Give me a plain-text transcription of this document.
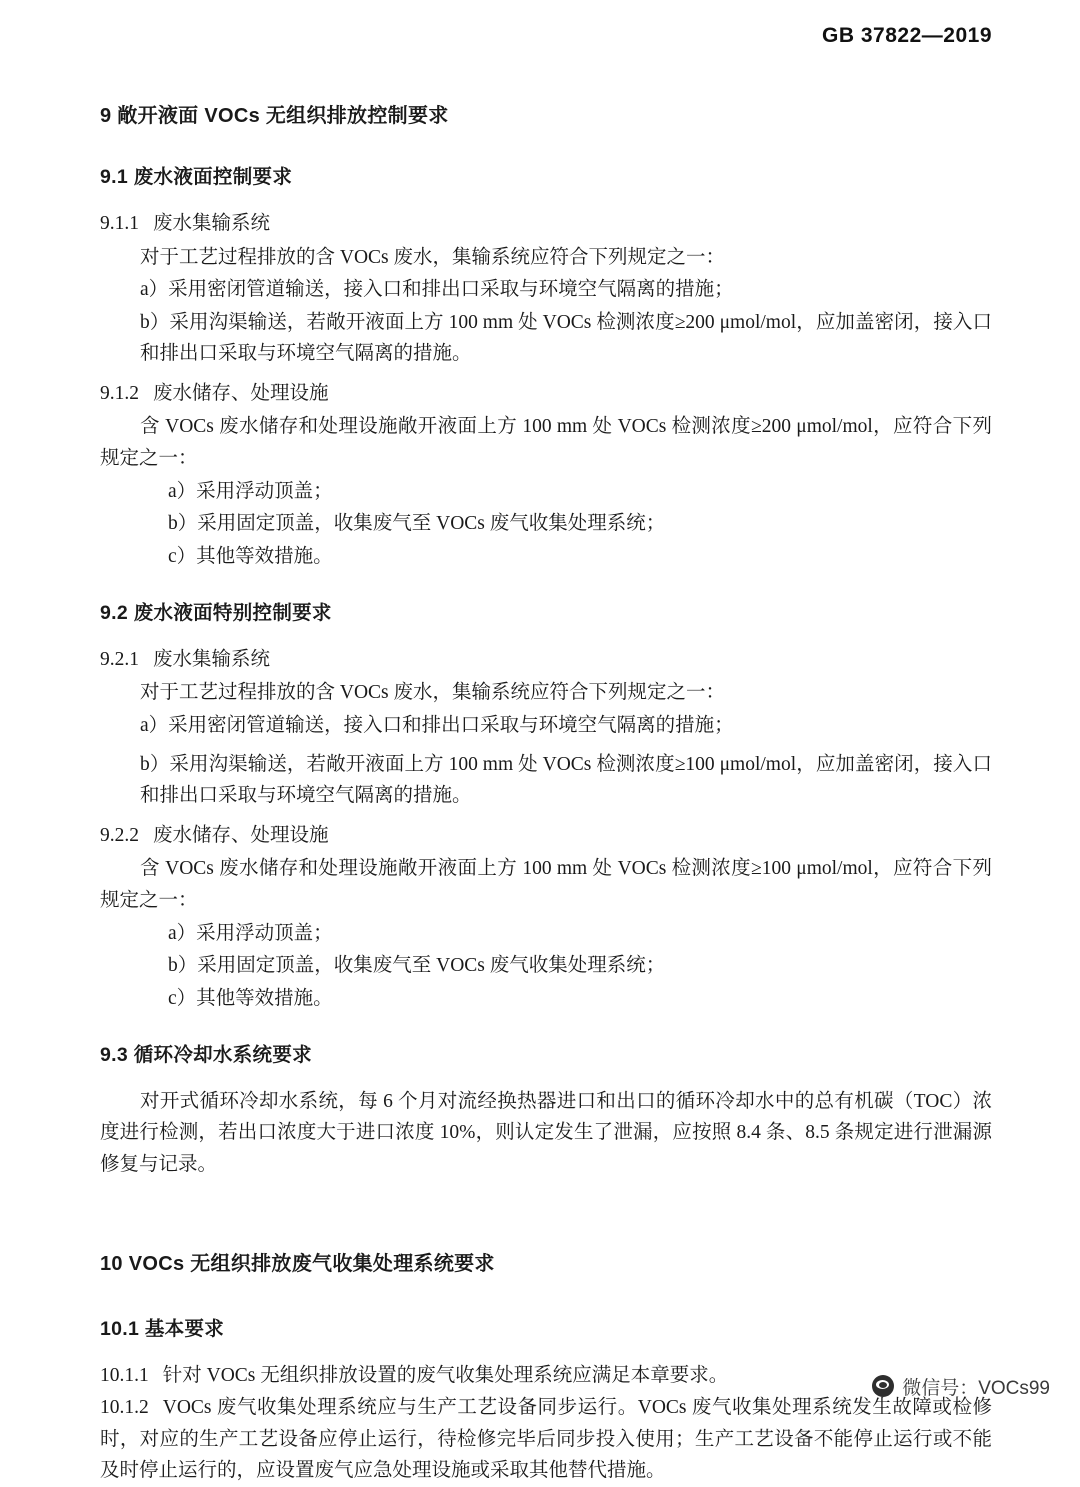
GB 37822—2019
9 敞开液面 VOCs 无组织排放控制要求
9.1 废水液面控制要求
9.1.1 废水集输系统
对于工艺过程排放的含 VOCs 废水，集输系统应符合下列规定之一：
a）采用密闭管道输送，接入口和排出口采取与环境空气隔离的措施；
b）采用沟渠输送，若敞开液面上方 100 mm 处 VOCs 检测浓度≥200 μmol/mol，应加盖密闭，接入口和排出口采取与环境空气隔离的措施。
9.1.2 废水储存、处理设施
含 VOCs 废水储存和处理设施敞开液面上方 100 mm 处 VOCs 检测浓度≥200 μmol/mol，应符合下列规定之一：
a）采用浮动顶盖；
b）采用固定顶盖，收集废气至 VOCs 废气收集处理系统；
c）其他等效措施。
9.2 废水液面特别控制要求
9.2.1 废水集输系统
对于工艺过程排放的含 VOCs 废水，集输系统应符合下列规定之一：
a）采用密闭管道输送，接入口和排出口采取与环境空气隔离的措施；
b）采用沟渠输送，若敞开液面上方 100 mm 处 VOCs 检测浓度≥100 μmol/mol，应加盖密闭，接入口和排出口采取与环境空气隔离的措施。
9.2.2 废水储存、处理设施
含 VOCs 废水储存和处理设施敞开液面上方 100 mm 处 VOCs 检测浓度≥100 μmol/mol，应符合下列规定之一：
a）采用浮动顶盖；
b）采用固定顶盖，收集废气至 VOCs 废气收集处理系统；
c）其他等效措施。
9.3 循环冷却水系统要求
对开式循环冷却水系统，每 6 个月对流经换热器进口和出口的循环冷却水中的总有机碳（TOC）浓度进行检测，若出口浓度大于进口浓度 10%，则认定发生了泄漏，应按照 8.4 条、8.5 条规定进行泄漏源修复与记录。
10 VOCs 无组织排放废气收集处理系统要求
10.1 基本要求
10.1.1 针对 VOCs 无组织排放设置的废气收集处理系统应满足本章要求。
10.1.2 VOCs 废气收集处理系统应与生产工艺设备同步运行。VOCs 废气收集处理系统发生故障或检修时，对应的生产工艺设备应停止运行，待检修完毕后同步投入使用；生产工艺设备不能停止运行或不能及时停止运行的，应设置废气应急处理设施或采取其他替代措施。
微信号：VOCs99
